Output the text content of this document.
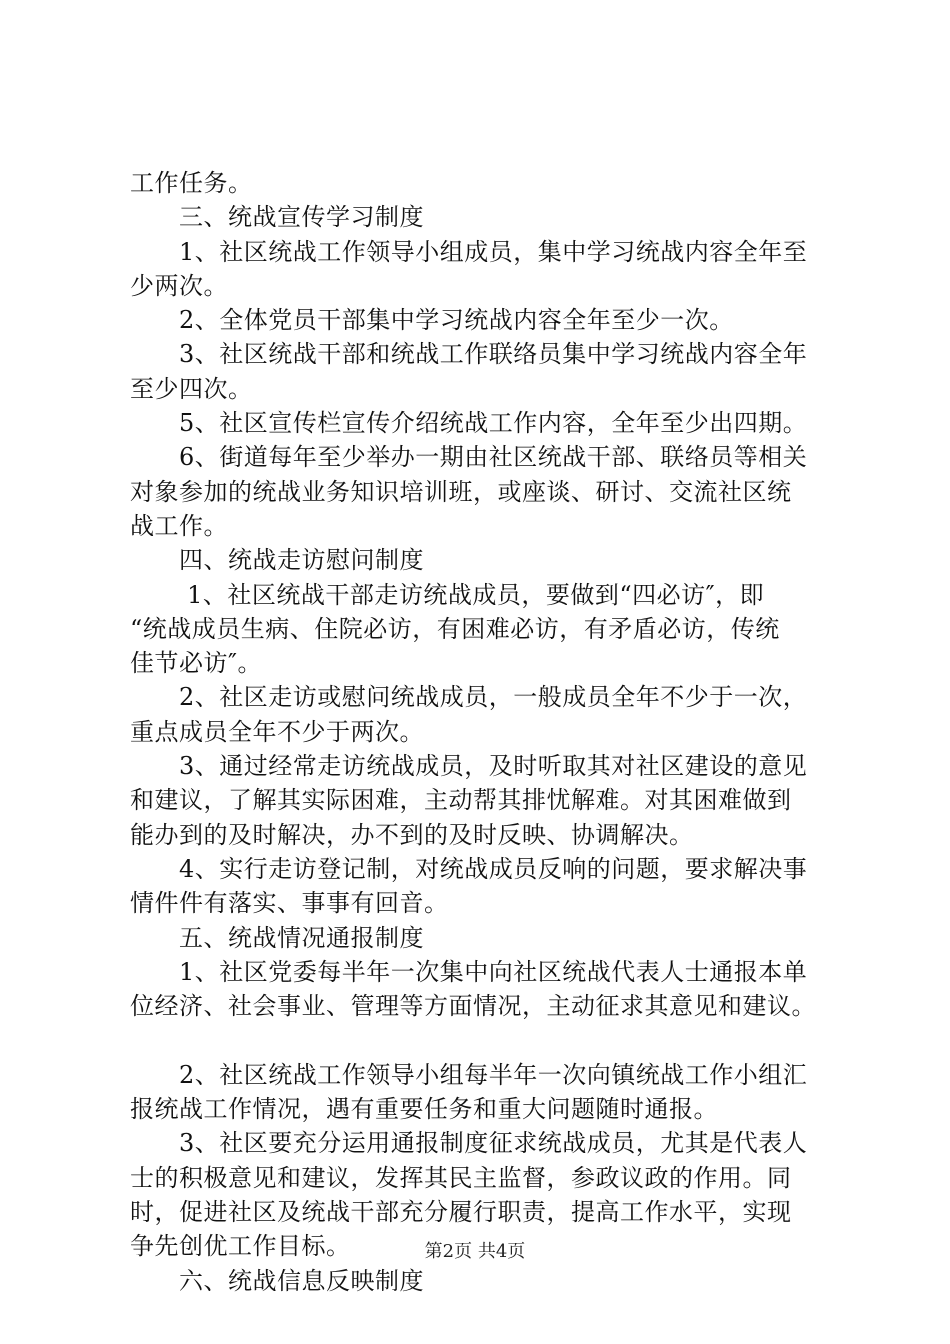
工作任务。
　　三、统战宣传学习制度
　　1、社区统战工作领导小组成员，集中学习统战内容全年至
少两次。
　　2、全体党员干部集中学习统战内容全年至少一次。
　　3、社区统战干部和统战工作联络员集中学习统战内容全年
至少四次。
　　5、社区宣传栏宣传介绍统战工作内容，全年至少出四期。
　　6、街道每年至少举办一期由社区统战干部、联络员等相关
对象参加的统战业务知识培训班，或座谈、研讨、交流社区统
战工作。
　　四、统战走访慰问制度
　　 1、社区统战干部走访统战成员，要做到“四必访″，即
“统战成员生病、住院必访，有困难必访，有矛盾必访，传统
佳节必访″。
　　2、社区走访或慰问统战成员，一般成员全年不少于一次，
重点成员全年不少于两次。
　　3、通过经常走访统战成员，及时听取其对社区建设的意见
和建议，了解其实际困难，主动帮其排忧解难。对其困难做到
能办到的及时解决，办不到的及时反映、协调解决。
　　4、实行走访登记制，对统战成员反响的问题，要求解决事
情件件有落实、事事有回音。
　　五、统战情况通报制度
　　1、社区党委每半年一次集中向社区统战代表人士通报本单
位经济、社会事业、管理等方面情况，主动征求其意见和建议。
　　2、社区统战工作领导小组每半年一次向镇统战工作小组汇
报统战工作情况，遇有重要任务和重大问题随时通报。
　　3、社区要充分运用通报制度征求统战成员，尤其是代表人
士的积极意见和建议，发挥其民主监督，参政议政的作用。同
时，促进社区及统战干部充分履行职责，提高工作水平，实现
争先创优工作目标。
　　六、统战信息反映制度
第2页 共4页
